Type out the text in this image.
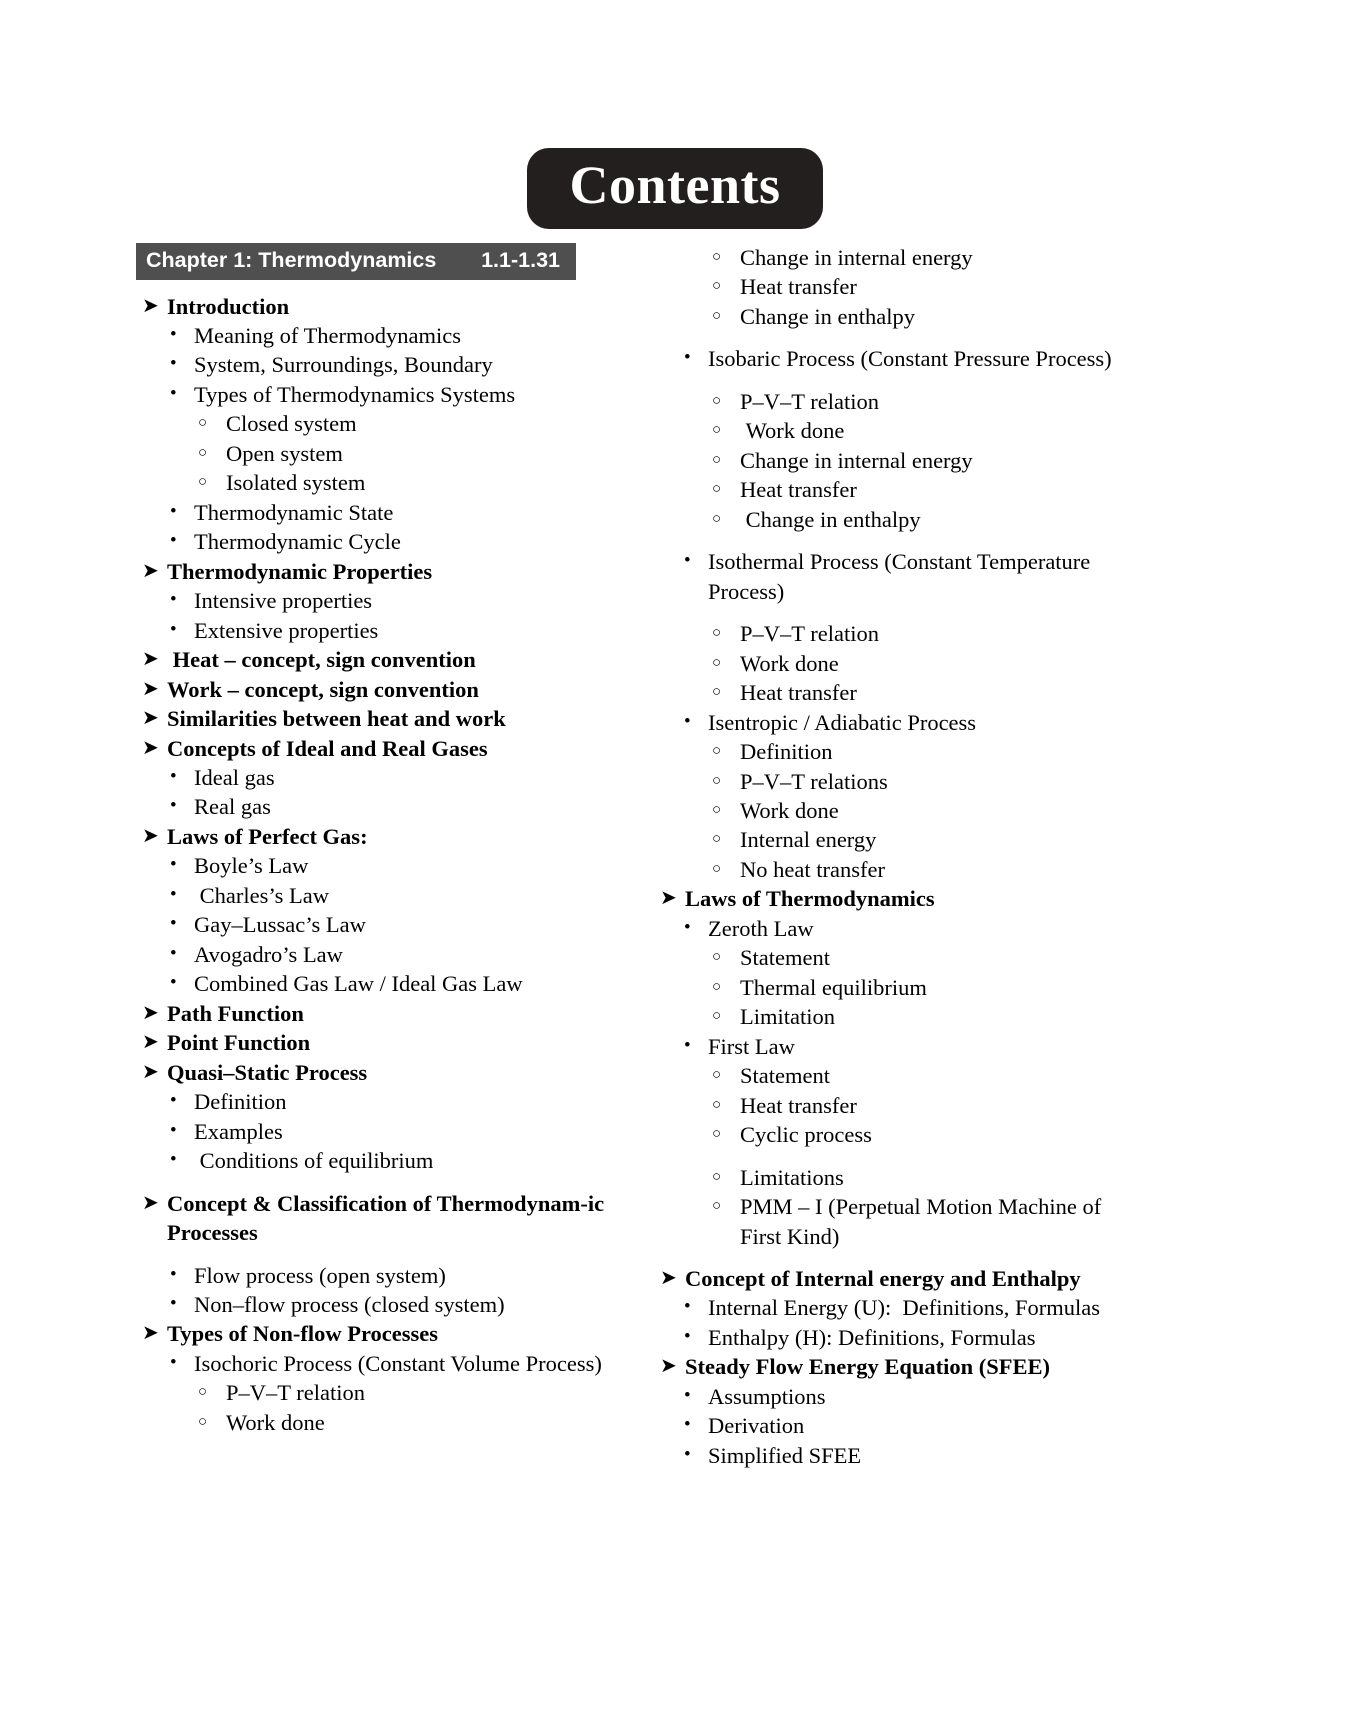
Contents
Chapter 1: Thermodynamics 1.1-1.31
➤ Introduction
• Meaning of Thermodynamics
• System, Surroundings, Boundary
• Types of Thermodynamics Systems
○ Closed system
○ Open system
○ Isolated system
• Thermodynamic State
• Thermodynamic Cycle
➤ Thermodynamic Properties
• Intensive properties
• Extensive properties
➤ Heat – concept, sign convention
➤ Work – concept, sign convention
➤ Similarities between heat and work
➤ Concepts of Ideal and Real Gases
• Ideal gas
• Real gas
➤ Laws of Perfect Gas:
• Boyle’s Law
• Charles’s Law
• Gay–Lussac’s Law
• Avogadro’s Law
• Combined Gas Law / Ideal Gas Law
➤ Path Function
➤ Point Function
➤ Quasi–Static Process
• Definition
• Examples
• Conditions of equilibrium
➤ Concept & Classification of Thermodynam-ic Processes
• Flow process (open system)
• Non–flow process (closed system)
➤ Types of Non-flow Processes
• Isochoric Process (Constant Volume Process)
○ P–V–T relation
○ Work done
○ Change in internal energy
○ Heat transfer
○ Change in enthalpy
• Isobaric Process (Constant Pressure Process)
○ P–V–T relation
○ Work done
○ Change in internal energy
○ Heat transfer
○ Change in enthalpy
• Isothermal Process (Constant Temperature Process)
○ P–V–T relation
○ Work done
○ Heat transfer
• Isentropic / Adiabatic Process
○ Definition
○ P–V–T relations
○ Work done
○ Internal energy
○ No heat transfer
➤ Laws of Thermodynamics
• Zeroth Law
○ Statement
○ Thermal equilibrium
○ Limitation
• First Law
○ Statement
○ Heat transfer
○ Cyclic process
○ Limitations
○ PMM – I (Perpetual Motion Machine of First Kind)
➤ Concept of Internal energy and Enthalpy
• Internal Energy (U):  Definitions, Formulas
• Enthalpy (H): Definitions, Formulas
➤ Steady Flow Energy Equation (SFEE)
• Assumptions
• Derivation
• Simplified SFEE
